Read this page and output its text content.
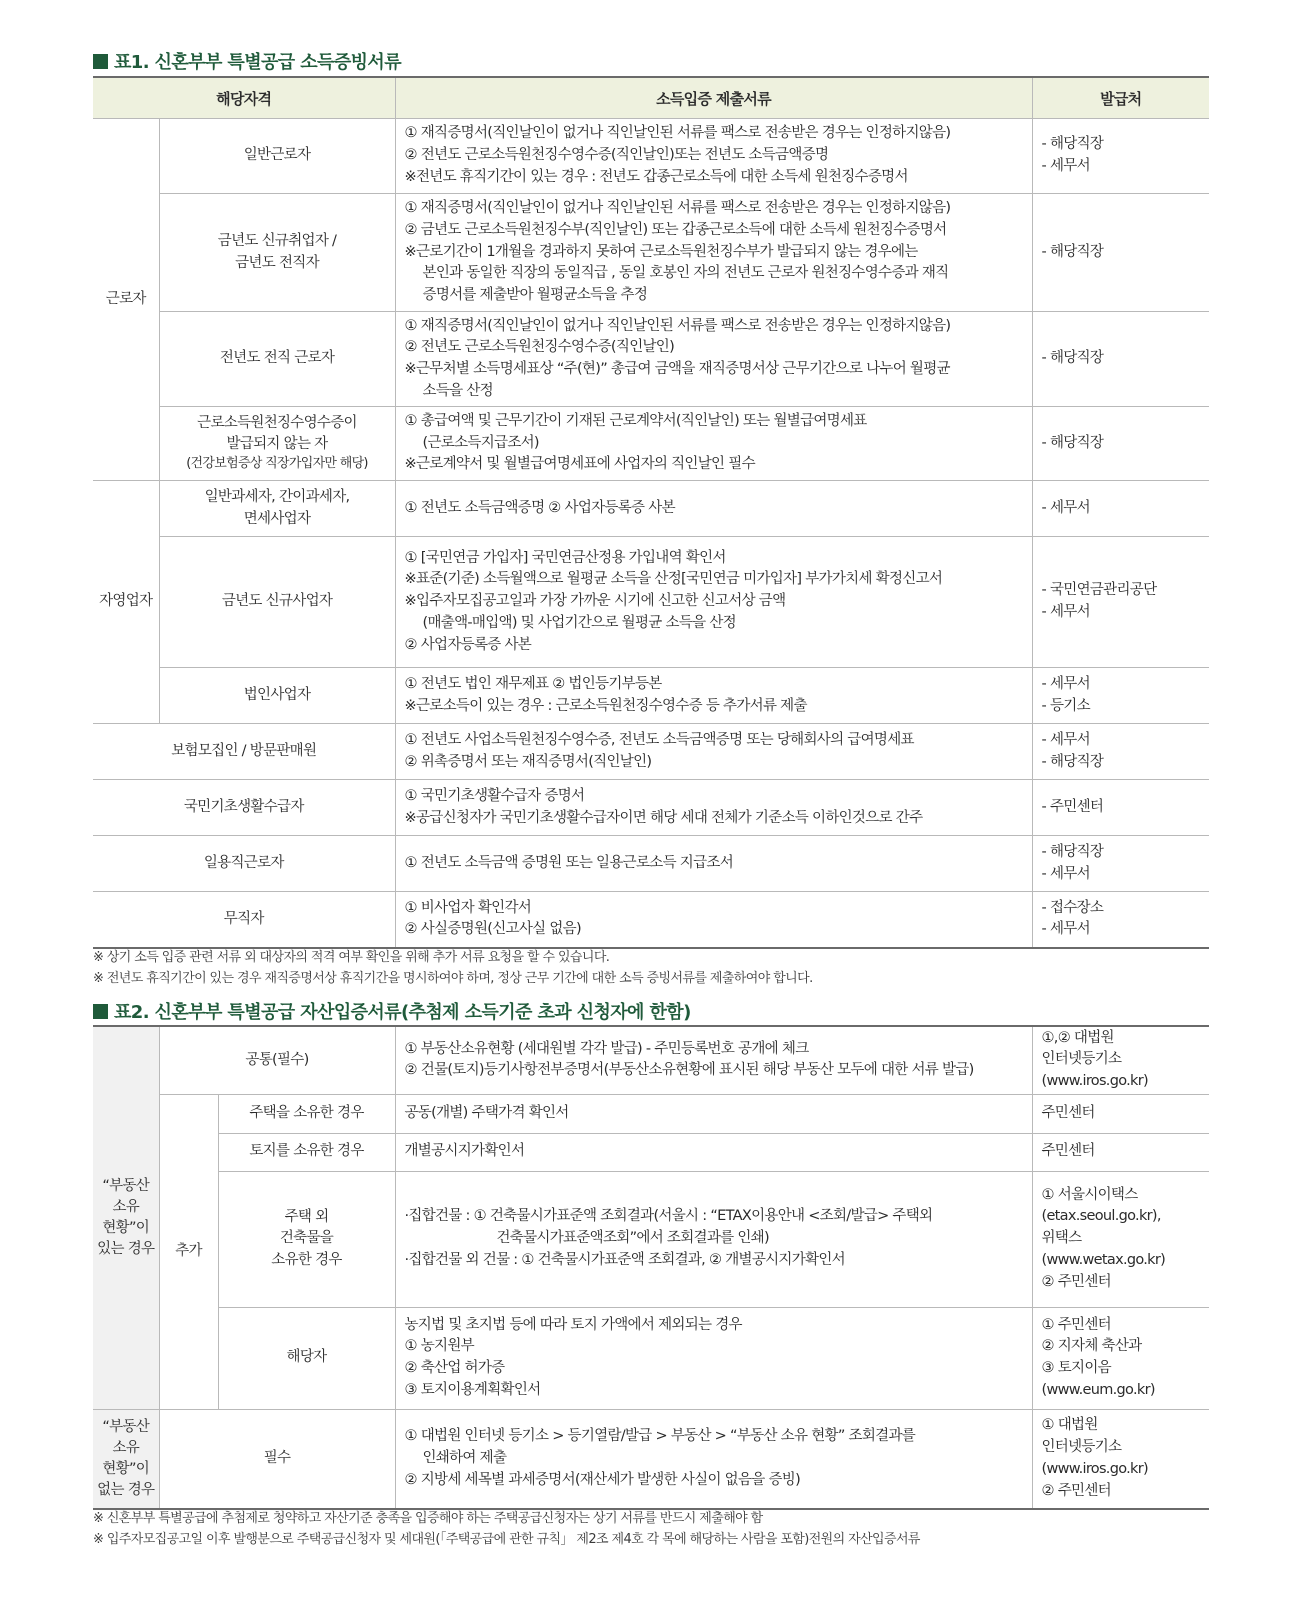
표1. 신혼부부 특별공급 소득증빙서류
해당자격		소득입증 제출서류	발급처
근로자	일반근로자	① 재직증명서(직인날인이 없거나 직인날인된 서류를 팩스로 전송받은 경우는 인정하지않음)
② 전년도 근로소득원천징수영수증(직인날인)또는 전년도 소득금액증명
※전년도 휴직기간이 있는 경우 : 전년도 갑종근로소득에 대한 소득세 원천징수증명서	- 해당직장
- 세무서

	금년도 신규취업자 /
금년도 전직자	① 재직증명서(직인날인이 없거나 직인날인된 서류를 팩스로 전송받은 경우는 인정하지않음)
② 금년도 근로소득원천징수부(직인날인) 또는 갑종근로소득에 대한 소득세 원천징수증명서
※근로기간이 1개월을 경과하지 못하여 근로소득원천징수부가 발급되지 않는 경우에는
본인과 동일한 직장의 동일직급 , 동일 호봉인 자의 전년도 근로자 원천징수영수증과 재직
증명서를 제출받아 월평균소득을 추정	- 해당직장

	전년도 전직 근로자	① 재직증명서(직인날인이 없거나 직인날인된 서류를 팩스로 전송받은 경우는 인정하지않음)
② 전년도 근로소득원천징수영수증(직인날인)
※근무처별 소득명세표상 “주(현)” 총급여 금액을 재직증명서상 근무기간으로 나누어 월평균
소득을 산정	- 해당직장

	근로소득원천징수영수증이
발급되지 않는 자
(건강보험증상 직장가입자만 해당)	① 총급여액 및 근무기간이 기재된 근로계약서(직인날인) 또는 월별급여명세표
(근로소득지급조서)
※근로계약서 및 월별급여명세표에 사업자의 직인날인 필수	- 해당직장

자영업자	일반과세자, 간이과세자,
면세사업자	① 전년도 소득금액증명 ② 사업자등록증 사본	- 세무서

	금년도 신규사업자	① [국민연금 가입자] 국민연금산정용 가입내역 확인서
※표준(기준) 소득월액으로 월평균 소득을 산정[국민연금 미가입자] 부가가치세 확정신고서
※입주자모집공고일과 가장 가까운 시기에 신고한 신고서상 금액
(매출액-매입액) 및 사업기간으로 월평균 소득을 산정
② 사업자등록증 사본	- 국민연금관리공단
- 세무서

	법인사업자	① 전년도 법인 재무제표 ② 법인등기부등본
※근로소득이 있는 경우 : 근로소득원천징수영수증 등 추가서류 제출	- 세무서
- 등기소

보험모집인 / 방문판매원		① 전년도 사업소득원천징수영수증, 전년도 소득금액증명 또는 당해회사의 급여명세표
② 위촉증명서 또는 재직증명서(직인날인)	- 세무서
- 해당직장

국민기초생활수급자		① 국민기초생활수급자 증명서
※공급신청자가 국민기초생활수급자이면 해당 세대 전체가 기준소득 이하인것으로 간주	- 주민센터

일용직근로자		① 전년도 소득금액 증명원 또는 일용근로소득 지급조서	- 해당직장
- 세무서

무직자		① 비사업자 확인각서
② 사실증명원(신고사실 없음)	- 접수장소
- 세무서
※ 상기 소득 입증 관련 서류 외 대상자의 적격 여부 확인을 위해 추가 서류 요청을 할 수 있습니다.
※ 전년도 휴직기간이 있는 경우 재직증명서상 휴직기간을 명시하여야 하며, 정상 근무 기간에 대한 소득 증빙서류를 제출하여야 합니다.
표2. 신혼부부 특별공급 자산입증서류(추첨제 소득기준 초과 신청자에 한함)
“부동산
소유
현황”이
있는 경우	공통(필수)		① 부동산소유현황 (세대원별 각각 발급) - 주민등록번호 공개에 체크
② 건물(토지)등기사항전부증명서(부동산소유현황에 표시된 해당 부동산 모두에 대한 서류 발급)	①,② 대법원
인터넷등기소
(www.iros.go.kr)

	추가	주택을 소유한 경우	공동(개별) 주택가격 확인서	주민센터
		토지를 소유한 경우	개별공시지가확인서	주민센터

		주택 외
건축물을
소유한 경우	·집합건물 : ① 건축물시가표준액 조회결과(서울시 : “ETAX이용안내 <조회/발급> 주택외
건축물시가표준액조회”에서 조회결과를 인쇄)
·집합건물 외 건물 : ① 건축물시가표준액 조회결과, ② 개별공시지가확인서	① 서울시이택스
(etax.seoul.go.kr),
위택스
(www.wetax.go.kr)
② 주민센터

		해당자	농지법 및 초지법 등에 따라 토지 가액에서 제외되는 경우
① 농지원부
② 축산업 허가증
③ 토지이용계획확인서	① 주민센터
② 지자체 축산과
③ 토지이음
(www.eum.go.kr)

“부동산
소유
현황”이
없는 경우	필수		① 대법원 인터넷 등기소 > 등기열람/발급 > 부동산 > “부동산 소유 현황” 조회결과를
인쇄하여 제출
② 지방세 세목별 과세증명서(재산세가 발생한 사실이 없음을 증빙)	① 대법원
인터넷등기소
(www.iros.go.kr)
② 주민센터
※ 신혼부부 특별공급에 추첨제로 청약하고 자산기준 충족을 입증해야 하는 주택공급신청자는 상기 서류를 반드시 제출해야 함
※ 입주자모집공고일 이후 발행분으로 주택공급신청자 및 세대원(「주택공급에 관한 규칙」 제2조 제4호 각 목에 해당하는 사람을 포함)전원의 자산입증서류
